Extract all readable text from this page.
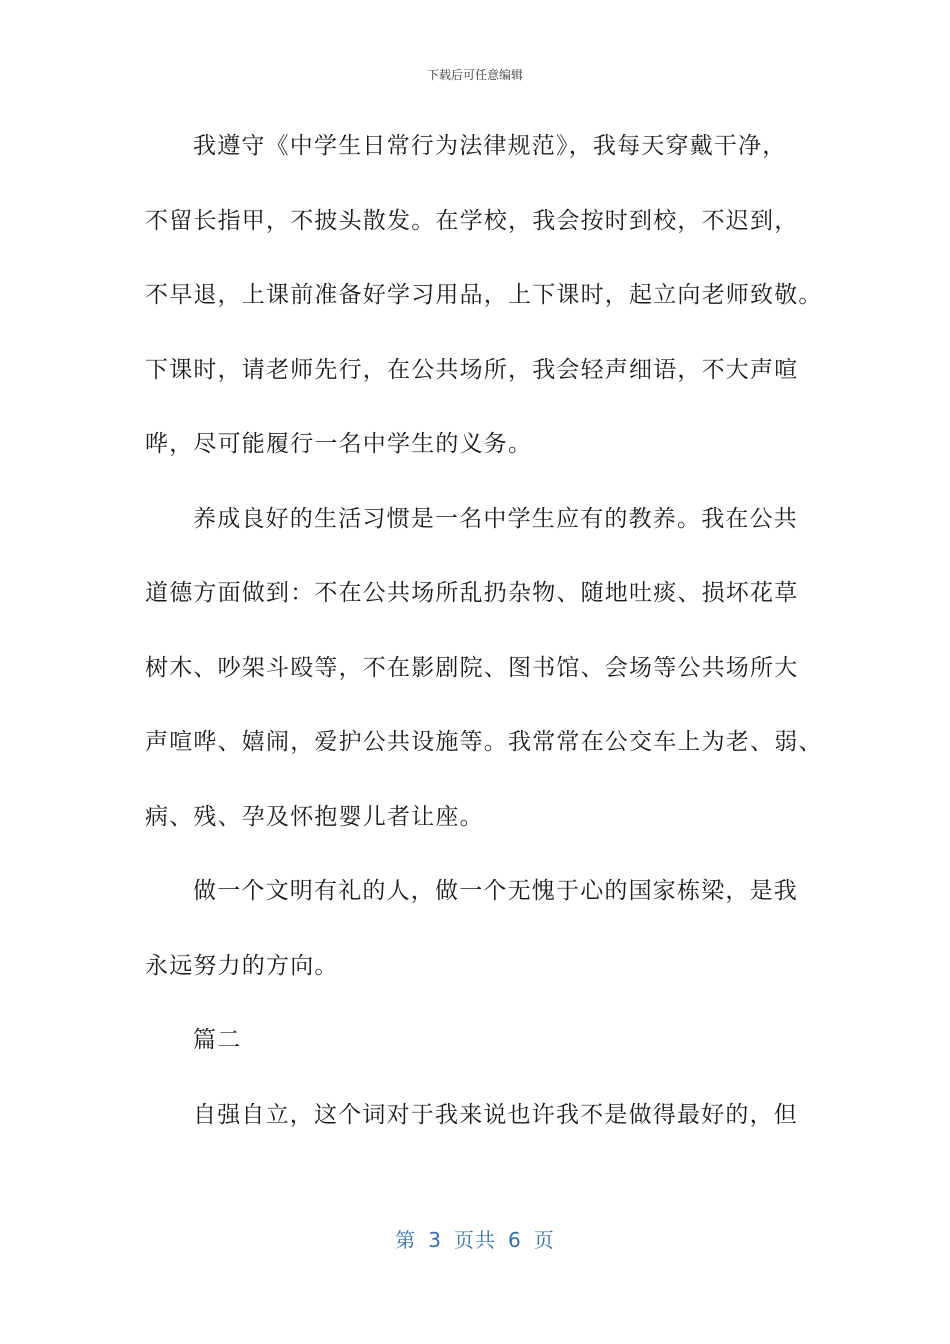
下载后可任意编辑
我遵守《中学生日常行为法律规范》，我每天穿戴干净，
不留长指甲，不披头散发。在学校，我会按时到校，不迟到，
不早退，上课前准备好学习用品，上下课时，起立向老师致敬。
下课时，请老师先行，在公共场所，我会轻声细语，不大声喧
哗，尽可能履行一名中学生的义务。
养成良好的生活习惯是一名中学生应有的教养。我在公共
道德方面做到：不在公共场所乱扔杂物、随地吐痰、损坏花草
树木、吵架斗殴等，不在影剧院、图书馆、会场等公共场所大
声喧哗、嬉闹，爱护公共设施等。我常常在公交车上为老、弱、
病、残、孕及怀抱婴儿者让座。
做一个文明有礼的人，做一个无愧于心的国家栋梁，是我
永远努力的方向。
篇二
自强自立，这个词对于我来说也许我不是做得最好的，但
第 3 页共 6 页
